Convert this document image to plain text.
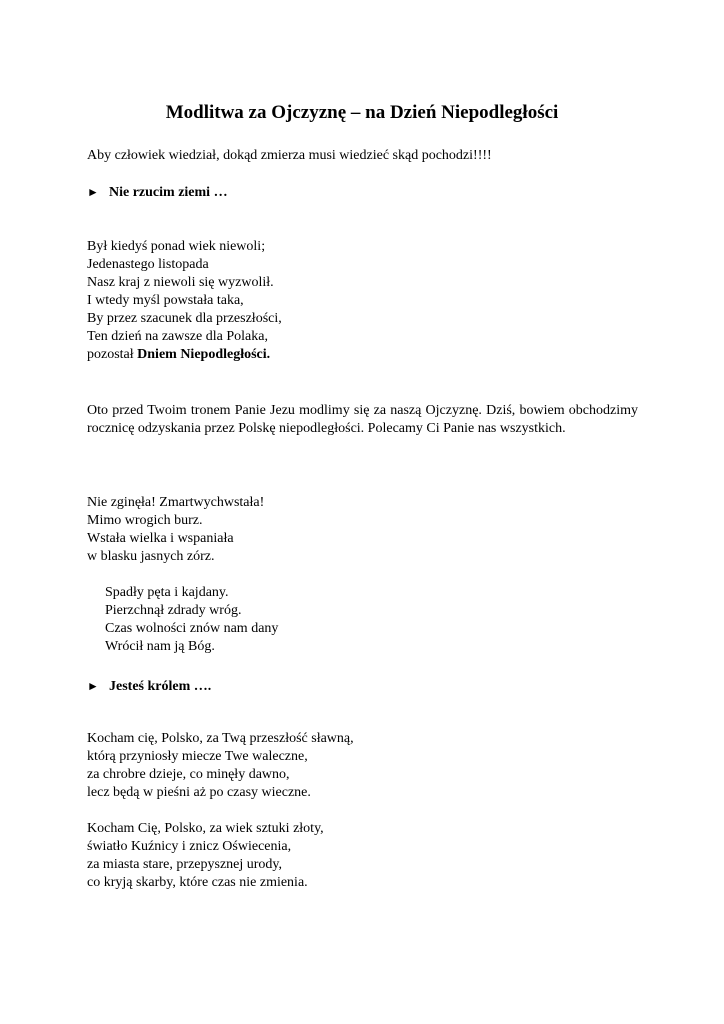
Modlitwa za Ojczyznę – na Dzień Niepodległości
Aby człowiek wiedział, dokąd zmierza musi wiedzieć skąd pochodzi!!!!
► Nie rzucim ziemi …
Był kiedyś ponad wiek niewoli;
Jedenastego listopada
Nasz kraj z niewoli się wyzwolił.
I wtedy myśl powstała taka,
By przez szacunek dla przeszłości,
Ten dzień na zawsze dla Polaka,
pozostał Dniem Niepodległości.
Oto przed Twoim tronem Panie Jezu modlimy się za naszą Ojczyznę. Dziś, bowiem obchodzimy rocznicę odzyskania przez Polskę niepodległości. Polecamy Ci Panie nas wszystkich.
Nie zginęła! Zmartwychwstała!
Mimo wrogich burz.
Wstała wielka i wspaniała
w blasku jasnych zórz.
Spadły pęta i kajdany.
Pierzchnął zdrady wróg.
Czas wolności znów nam dany
Wrócił nam ją Bóg.
► Jesteś królem ….
Kocham cię, Polsko, za Twą przeszłość sławną,
którą przyniosły miecze Twe waleczne,
za chrobre dzieje, co minęły dawno,
lecz będą w pieśni aż po czasy wieczne.
Kocham Cię, Polsko, za wiek sztuki złoty,
światło Kuźnicy i znicz Oświecenia,
za miasta stare, przepysznej urody,
co kryją skarby, które czas nie zmienia.
